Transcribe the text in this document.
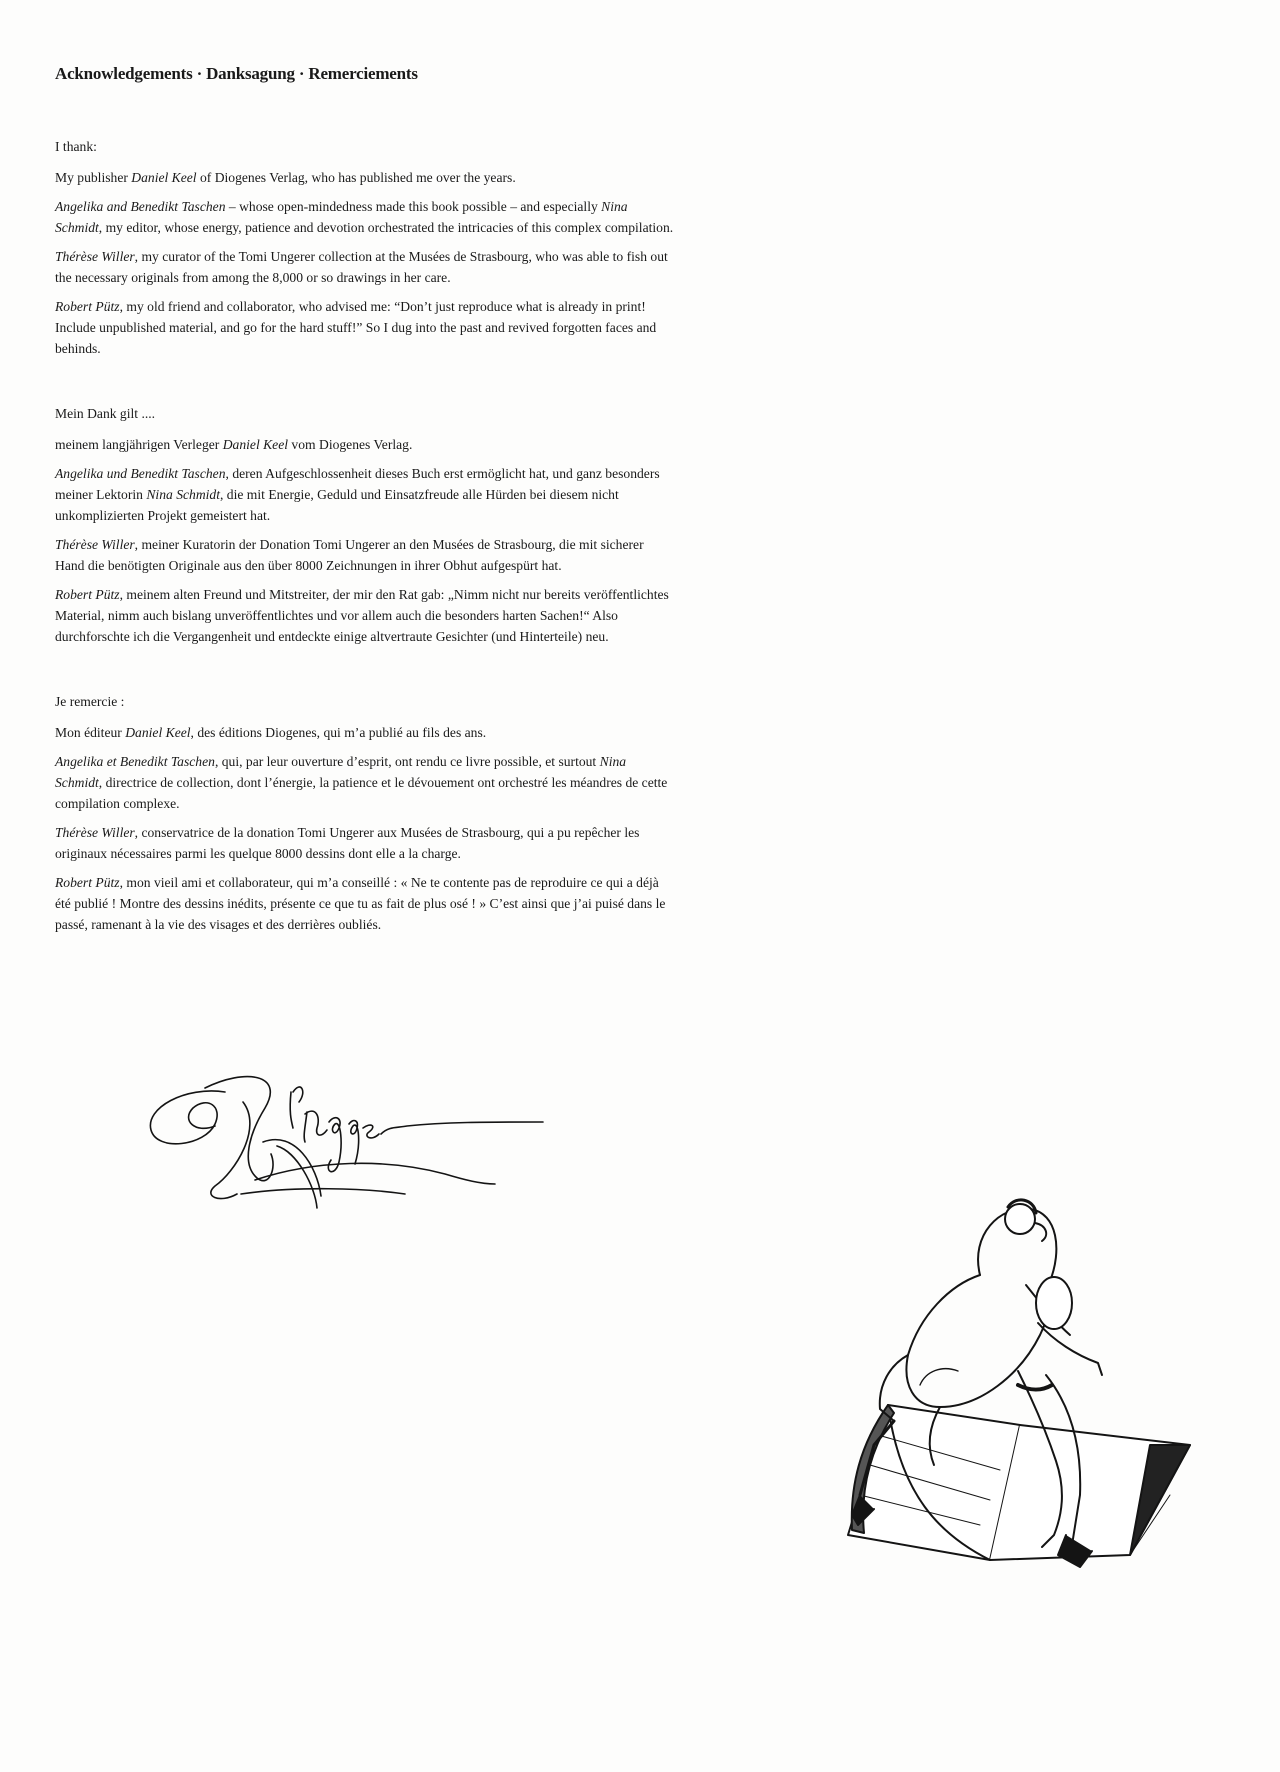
Acknowledgements · Danksagung · Remerciements

I thank:

My publisher Daniel Keel of Diogenes Verlag, who has published me over the years.

Angelika and Benedikt Taschen – whose open-mindedness made this book possible – and especially Nina Schmidt, my editor, whose energy, patience and devotion orchestrated the intricacies of this complex compilation.

Thérèse Willer, my curator of the Tomi Ungerer collection at the Musées de Strasbourg, who was able to fish out the necessary originals from among the 8,000 or so drawings in her care.

Robert Pütz, my old friend and collaborator, who advised me: “Don’t just reproduce what is already in print! Include unpublished material, and go for the hard stuff!” So I dug into the past and revived forgotten faces and behinds.

Mein Dank gilt ....

meinem langjährigen Verleger Daniel Keel vom Diogenes Verlag.

Angelika und Benedikt Taschen, deren Aufgeschlossenheit dieses Buch erst ermöglicht hat, und ganz besonders meiner Lektorin Nina Schmidt, die mit Energie, Geduld und Einsatzfreude alle Hürden bei diesem nicht unkomplizierten Projekt gemeistert hat.

Thérèse Willer, meiner Kuratorin der Donation Tomi Ungerer an den Musées de Strasbourg, die mit sicherer Hand die benötigten Originale aus den über 8000 Zeichnungen in ihrer Obhut aufgespürt hat.

Robert Pütz, meinem alten Freund und Mitstreiter, der mir den Rat gab: „Nimm nicht nur bereits veröffentlichtes Material, nimm auch bislang unveröffentlichtes und vor allem auch die besonders harten Sachen!“ Also durchforschte ich die Vergangenheit und entdeckte einige altvertraute Gesichter (und Hinterteile) neu.

Je remercie :

Mon éditeur Daniel Keel, des éditions Diogenes, qui m’a publié au fils des ans.

Angelika et Benedikt Taschen, qui, par leur ouverture d’esprit, ont rendu ce livre possible, et surtout Nina Schmidt, directrice de collection, dont l’énergie, la patience et le dévouement ont orchestré les méandres de cette compilation complexe.

Thérèse Willer, conservatrice de la donation Tomi Ungerer aux Musées de Strasbourg, qui a pu repêcher les originaux nécessaires parmi les quelque 8000 dessins dont elle a la charge.

Robert Pütz, mon vieil ami et collaborateur, qui m’a conseillé : « Ne te contente pas de reproduire ce qui a déjà été publié ! Montre des dessins inédits, présente ce que tu as fait de plus osé ! » C’est ainsi que j’ai puisé dans le passé, ramenant à la vie des visages et des derrières oubliés.
